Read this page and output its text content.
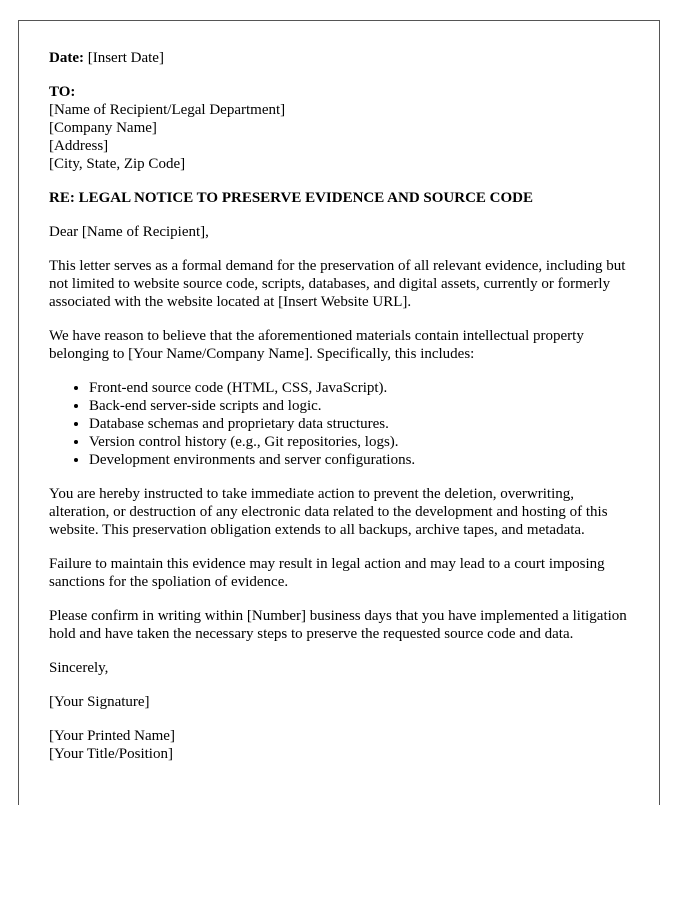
Date: [Insert Date]

TO:
[Name of Recipient/Legal Department]
[Company Name]
[Address]
[City, State, Zip Code]

RE: LEGAL NOTICE TO PRESERVE EVIDENCE AND SOURCE CODE

Dear [Name of Recipient],

This letter serves as a formal demand for the preservation of all relevant evidence, including but not limited to website source code, scripts, databases, and digital assets, currently or formerly associated with the website located at [Insert Website URL].

We have reason to believe that the aforementioned materials contain intellectual property belonging to [Your Name/Company Name]. Specifically, this includes:

• Front-end source code (HTML, CSS, JavaScript).
• Back-end server-side scripts and logic.
• Database schemas and proprietary data structures.
• Version control history (e.g., Git repositories, logs).
• Development environments and server configurations.

You are hereby instructed to take immediate action to prevent the deletion, overwriting, alteration, or destruction of any electronic data related to the development and hosting of this website. This preservation obligation extends to all backups, archive tapes, and metadata.

Failure to maintain this evidence may result in legal action and may lead to a court imposing sanctions for the spoliation of evidence.

Please confirm in writing within [Number] business days that you have implemented a litigation hold and have taken the necessary steps to preserve the requested source code and data.

Sincerely,

[Your Signature]

[Your Printed Name]
[Your Title/Position]
